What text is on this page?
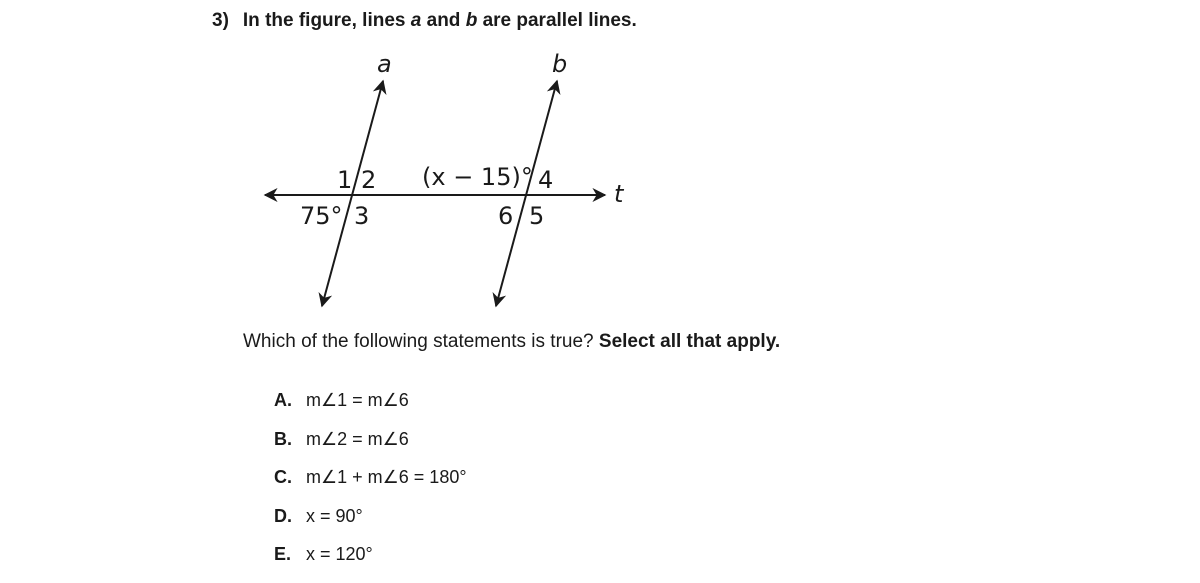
3) In the figure, lines a and b are parallel lines.
a	b
t
1 2
75° 3
(x − 15)° 4
6 5
Which of the following statements is true? Select all that apply.
A. m∠1 = m∠6
B. m∠2 = m∠6
C. m∠1 + m∠6 = 180°
D. x = 90°
E. x = 120°
